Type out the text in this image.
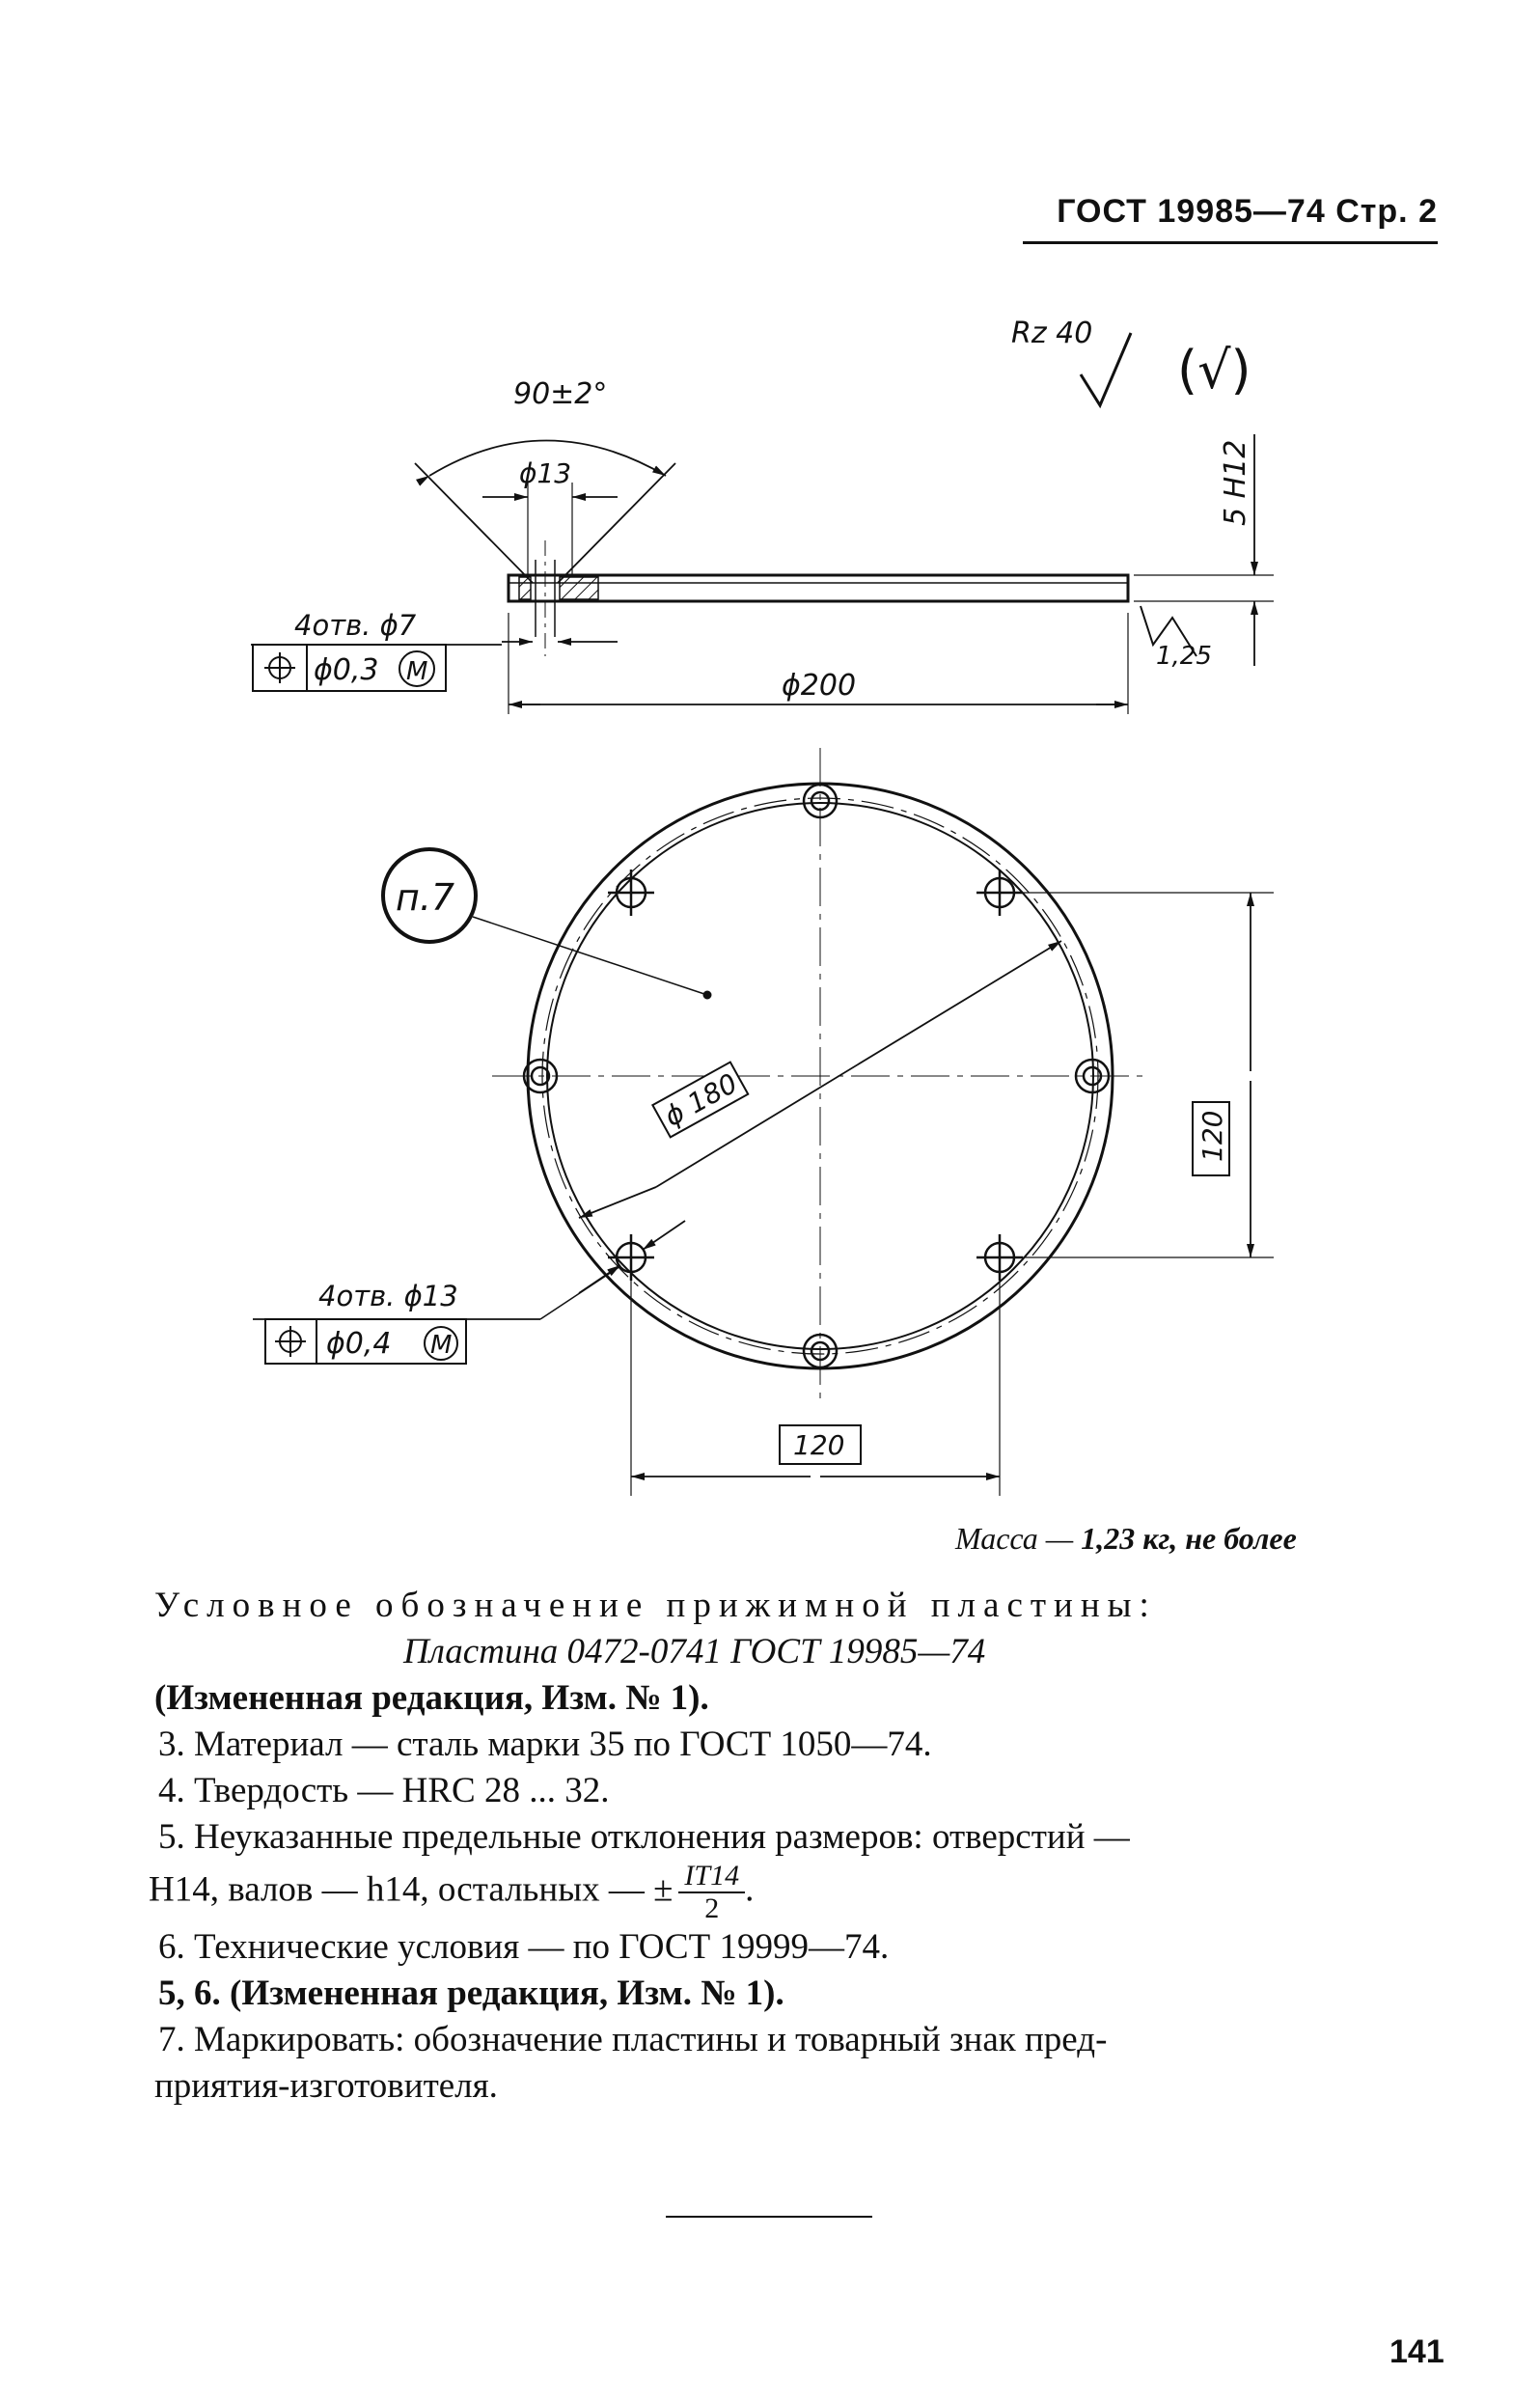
ГОСТ 19985—74 Стр. 2
Rz 40
(√)
90±2°
ϕ13	5 H12
1,25
ϕ200
4отв. ϕ7
ϕ0,3 M
п.7
ϕ 180
120
120
4отв. ϕ13
ϕ0,4 M
Масса — 1,23 кг, не более
Условное обозначение прижимной пластины:
Пластина 0472-0741 ГОСТ 19985—74
(Измененная редакция, Изм. № 1).
3. Материал — сталь марки 35 по ГОСТ 1050—74.
4. Твердость — HRC 28 ... 32.
5. Неуказанные предельные отклонения размеров: отверстий —
H14, валов — h14, остальных — ± $\frac{IT14}{2}$ .
6. Технические условия — по ГОСТ 19999—74.
5, 6. (Измененная редакция, Изм. № 1).
7. Маркировать: обозначение пластины и товарный знак пред-
приятия-изготовителя.
141
